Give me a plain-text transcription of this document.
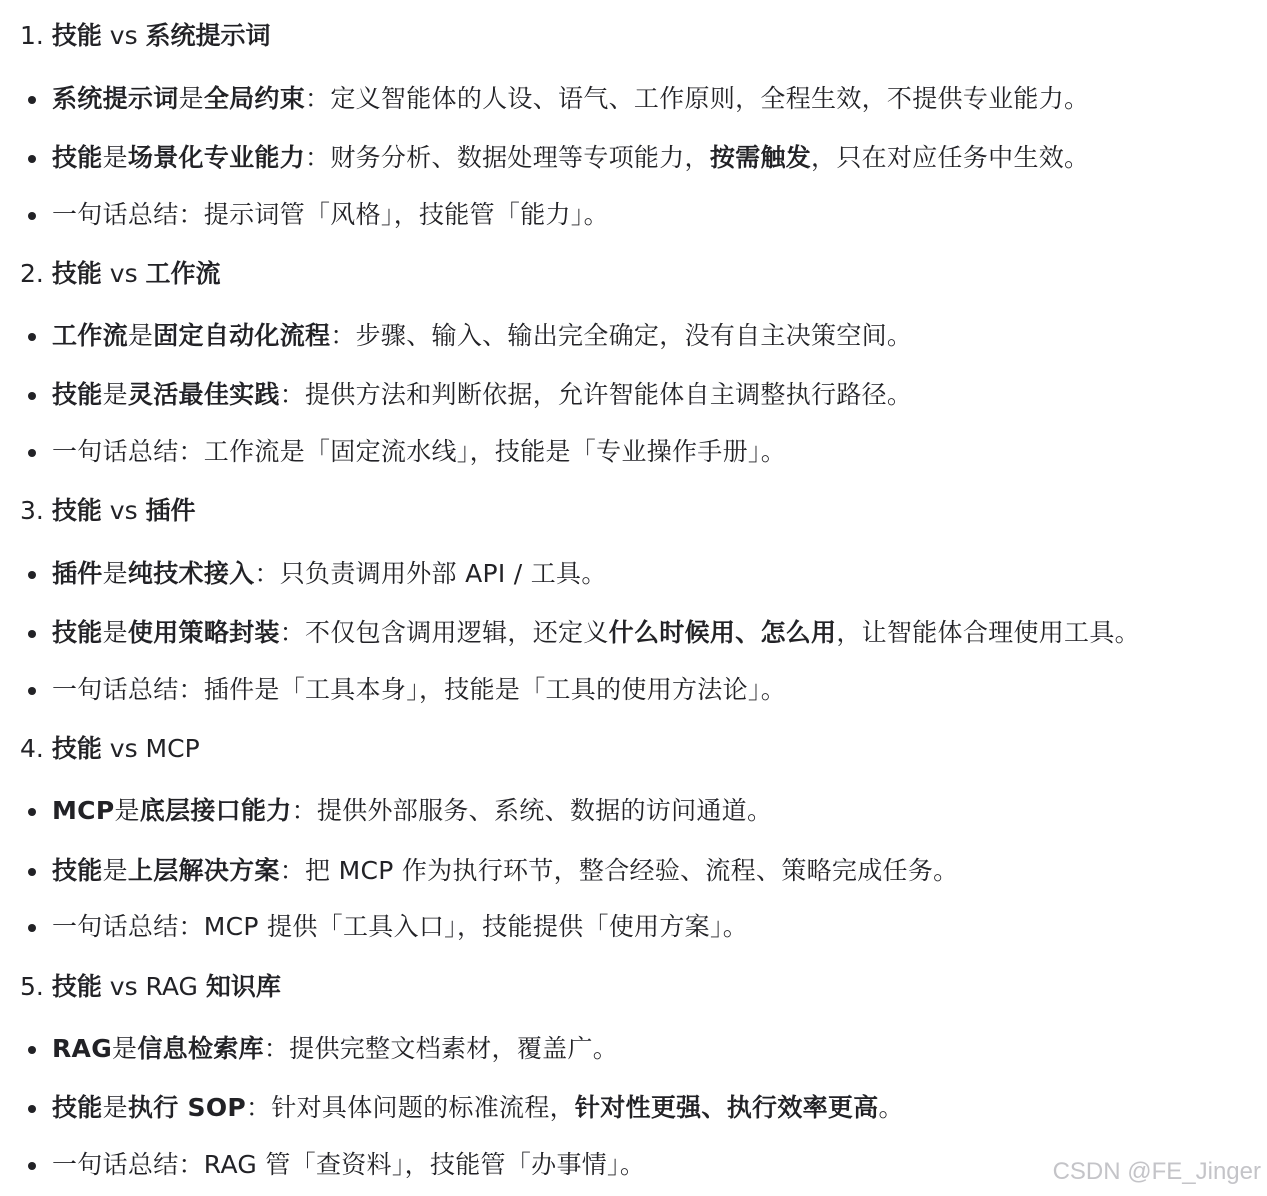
1. 技能 vs 系统提示词
系统提示词是全局约束：定义智能体的人设、语气、工作原则，全程生效，不提供专业能力。
技能是场景化专业能力：财务分析、数据处理等专项能力，按需触发，只在对应任务中生效。
一句话总结：提示词管「风格」，技能管「能力」。
2. 技能 vs 工作流
工作流是固定自动化流程：步骤、输入、输出完全确定，没有自主决策空间。
技能是灵活最佳实践：提供方法和判断依据，允许智能体自主调整执行路径。
一句话总结：工作流是「固定流水线」，技能是「专业操作手册」。
3. 技能 vs 插件
插件是纯技术接入：只负责调用外部 API / 工具。
技能是使用策略封装：不仅包含调用逻辑，还定义什么时候用、怎么用，让智能体合理使用工具。
一句话总结：插件是「工具本身」，技能是「工具的使用方法论」。
4. 技能 vs MCP
MCP是底层接口能力：提供外部服务、系统、数据的访问通道。
技能是上层解决方案：把 MCP 作为执行环节，整合经验、流程、策略完成任务。
一句话总结：MCP 提供「工具入口」，技能提供「使用方案」。
5. 技能 vs RAG 知识库
RAG是信息检索库：提供完整文档素材，覆盖广。
技能是执行 SOP：针对具体问题的标准流程，针对性更强、执行效率更高。
一句话总结：RAG 管「查资料」，技能管「办事情」。	CSDN @FE_Jinger
